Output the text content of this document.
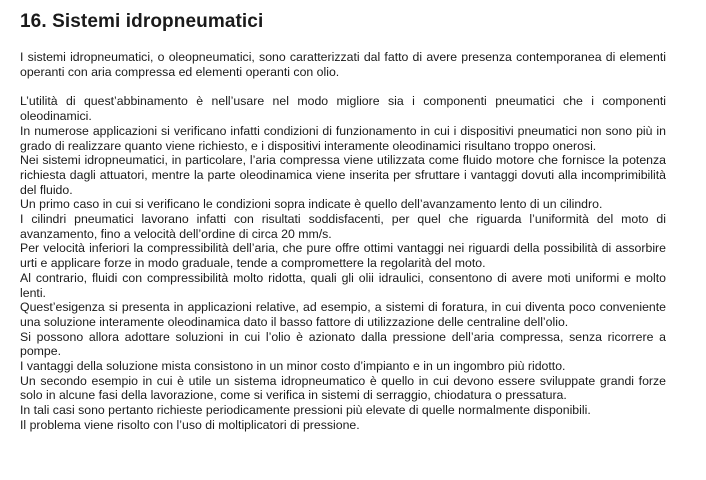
16. Sistemi idropneumatici

I sistemi idropneumatici, o oleopneumatici, sono caratterizzati dal fatto di avere presenza contemporanea di elementi operanti con aria compressa ed elementi operanti con olio.

L’utilità di quest’abbinamento è nell’usare nel modo migliore sia i componenti pneumatici che i componenti oleodinamici.

In numerose applicazioni si verificano infatti condizioni di funzionamento in cui i dispositivi pneumatici non sono più in grado di realizzare quanto viene richiesto, e i dispositivi interamente oleodinamici risultano troppo onerosi.

Nei sistemi idropneumatici, in particolare, l’aria compressa viene utilizzata come fluido motore che fornisce la potenza richiesta dagli attuatori, mentre la parte oleodinamica viene inserita per sfruttare i vantaggi dovuti alla incomprimibilità del fluido.

Un primo caso in cui si verificano le condizioni sopra indicate è quello dell’avanzamento lento di un cilindro.

I cilindri pneumatici lavorano infatti con risultati soddisfacenti, per quel che riguarda l’uniformità del moto di avanzamento, fino a velocità dell’ordine di circa 20 mm/s.

Per velocità inferiori la compressibilità dell’aria, che pure offre ottimi vantaggi nei riguardi della possibilità di assorbire urti e applicare forze in modo graduale, tende a compromettere la regolarità del moto.

Al contrario, fluidi con compressibilità molto ridotta, quali gli olii idraulici, consentono di avere moti uniformi e molto lenti.

Quest’esigenza si presenta in applicazioni relative, ad esempio, a sistemi di foratura, in cui diventa poco conveniente una soluzione interamente oleodinamica dato il basso fattore di utilizzazione delle centraline dell’olio.

Si possono allora adottare soluzioni in cui l’olio è azionato dalla pressione dell’aria compressa, senza ricorrere a pompe.

I vantaggi della soluzione mista consistono in un minor costo d’impianto e in un ingombro più ridotto.

Un secondo esempio in cui è utile un sistema idropneumatico è quello in cui devono essere sviluppate grandi forze solo in alcune fasi della lavorazione, come si verifica in sistemi di serraggio, chiodatura o pressatura.

In tali casi sono pertanto richieste periodicamente pressioni più elevate di quelle normalmente disponibili.

Il problema viene risolto con l’uso di moltiplicatori di pressione.
